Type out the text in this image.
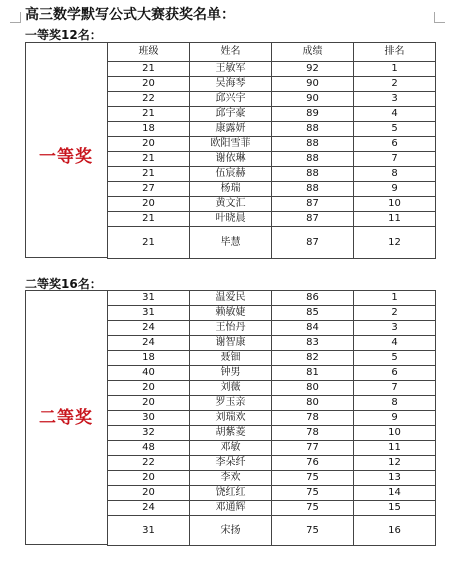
高三数学默写公式大赛获奖名单：
一等奖12名：
一等奖
班级	姓名	成绩	排名
21	王敏军	92	1
20	吴海琴	90	2
22	邱兴宇	90	3
21	邱宇豪	89	4
18	康露妍	88	5
20	欧阳雪菲	88	6
21	谢依琳	88	7
21	伍宸赫	88	8
27	杨瑞	88	9
20	黄文汇	87	10
21	叶晓晨	87	11
21	毕慧	87	12
二等奖16名：
二等奖
31	温爱民	86	1
31	赖敏婕	85	2
24	王怡丹	84	3
24	谢智康	83	4
18	聂钿	82	5
40	钟男	81	6
20	刘薇	80	7
20	罗玉亲	80	8
30	刘瑞欢	78	9
32	胡紫菱	78	10
48	邓敏	77	11
22	李朵纤	76	12
20	李欢	75	13
20	饶红红	75	14
24	邓通辉	75	15
31	宋扬	75	16
